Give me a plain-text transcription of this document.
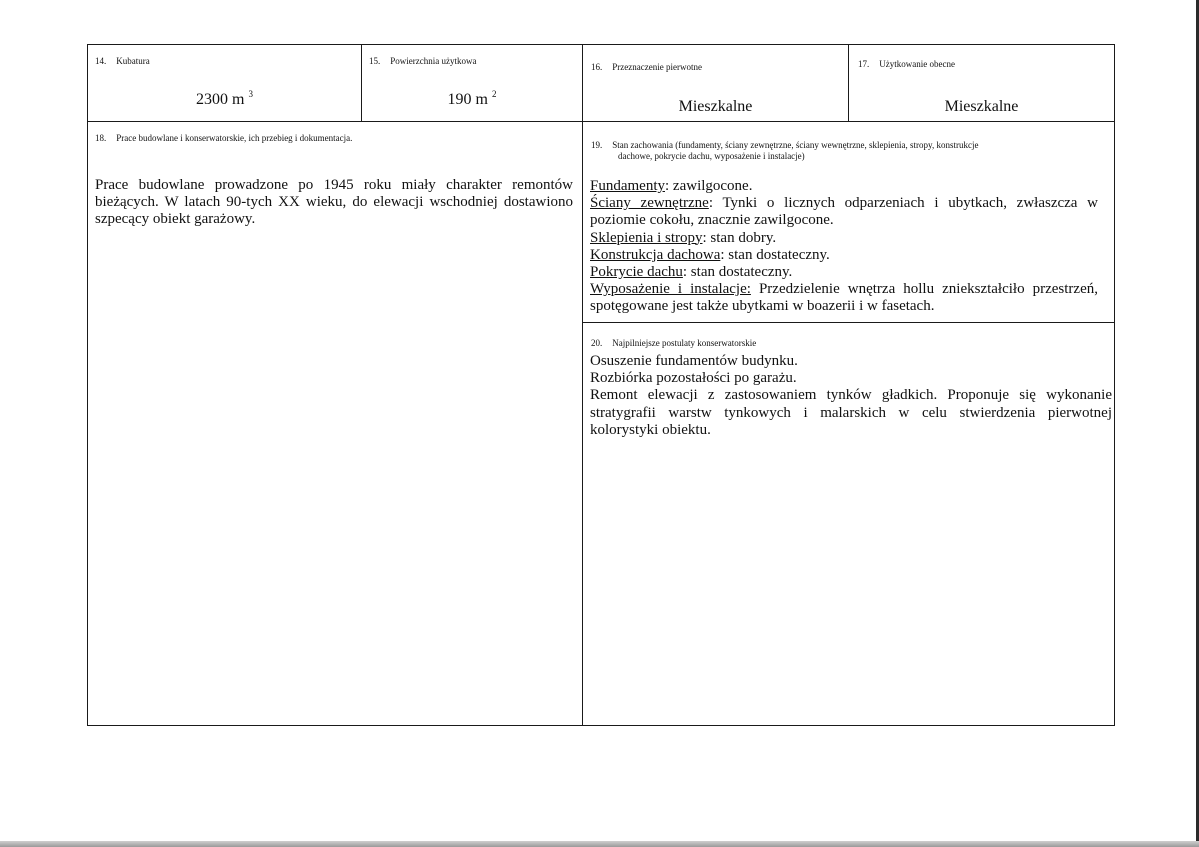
14. Kubatura
2300 m $^3$
15. Powierzchnia użytkowa
190 m $^2$
16. Przeznaczenie pierwotne
Mieszkalne
17. Użytkowanie obecne
Mieszkalne
18. Prace budowlane i konserwatorskie, ich przebieg i dokumentacja.

Prace budowlane prowadzone po 1945 roku miały charakter remontów bieżących. W latach 90-tych XX wieku, do elewacji wschodniej dostawiono szpecący obiekt garażowy.

19. Stan zachowania (fundamenty, ściany zewnętrzne, ściany wewnętrzne, sklepienia, stropy, konstrukcje
dachowe, pokrycie dachu, wyposażenie i instalacje)

Fundamenty: zawilgocone.

Ściany zewnętrzne: Tynki o licznych odparzeniach i ubytkach, zwłaszcza w poziomie cokołu, znacznie zawilgocone.

Sklepienia i stropy: stan dobry.

Konstrukcja dachowa: stan dostateczny.

Pokrycie dachu: stan dostateczny.

Wyposażenie i instalacje: Przedzielenie wnętrza hollu zniekształciło przestrzeń, spotęgowane jest także ubytkami w boazerii i w fasetach.

20. Najpilniejsze postulaty konserwatorskie

Osuszenie fundamentów budynku.

Rozbiórka pozostałości po garażu.

Remont elewacji z zastosowaniem tynków gładkich. Proponuje się wykonanie stratygrafii warstw tynkowych i malarskich w celu stwierdzenia pierwotnej kolorystyki obiektu.
